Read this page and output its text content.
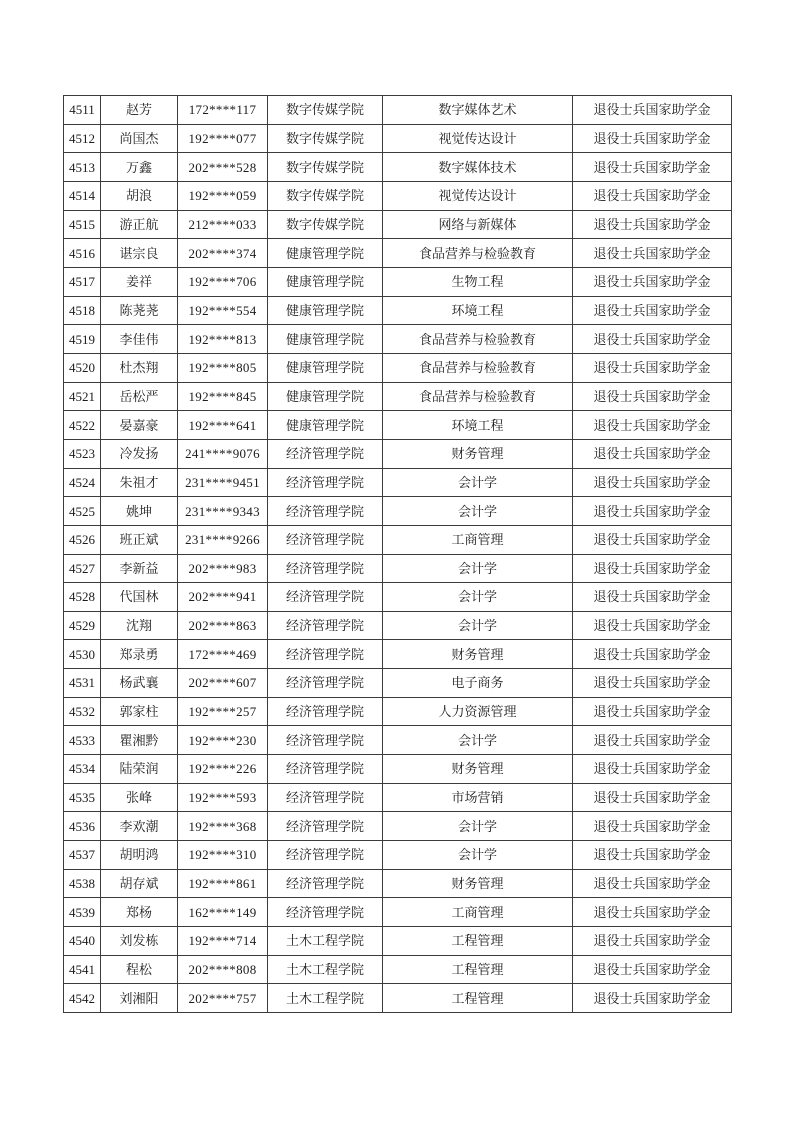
4511	赵芳	172****117	数字传媒学院	数字媒体艺术	退役士兵国家助学金
4512	尚国杰	192****077	数字传媒学院	视觉传达设计	退役士兵国家助学金
4513	万鑫	202****528	数字传媒学院	数字媒体技术	退役士兵国家助学金
4514	胡浪	192****059	数字传媒学院	视觉传达设计	退役士兵国家助学金
4515	游正航	212****033	数字传媒学院	网络与新媒体	退役士兵国家助学金
4516	谌宗良	202****374	健康管理学院	食品营养与检验教育	退役士兵国家助学金
4517	姜祥	192****706	健康管理学院	生物工程	退役士兵国家助学金
4518	陈荛荛	192****554	健康管理学院	环境工程	退役士兵国家助学金
4519	李佳伟	192****813	健康管理学院	食品营养与检验教育	退役士兵国家助学金
4520	杜杰翔	192****805	健康管理学院	食品营养与检验教育	退役士兵国家助学金
4521	岳松严	192****845	健康管理学院	食品营养与检验教育	退役士兵国家助学金
4522	晏嘉豪	192****641	健康管理学院	环境工程	退役士兵国家助学金
4523	冷发扬	241****9076	经济管理学院	财务管理	退役士兵国家助学金
4524	朱祖才	231****9451	经济管理学院	会计学	退役士兵国家助学金
4525	姚坤	231****9343	经济管理学院	会计学	退役士兵国家助学金
4526	班正斌	231****9266	经济管理学院	工商管理	退役士兵国家助学金
4527	李新益	202****983	经济管理学院	会计学	退役士兵国家助学金
4528	代国林	202****941	经济管理学院	会计学	退役士兵国家助学金
4529	沈翔	202****863	经济管理学院	会计学	退役士兵国家助学金
4530	郑录勇	172****469	经济管理学院	财务管理	退役士兵国家助学金
4531	杨武襄	202****607	经济管理学院	电子商务	退役士兵国家助学金
4532	郭家柱	192****257	经济管理学院	人力资源管理	退役士兵国家助学金
4533	瞿湘黔	192****230	经济管理学院	会计学	退役士兵国家助学金
4534	陆荣润	192****226	经济管理学院	财务管理	退役士兵国家助学金
4535	张峰	192****593	经济管理学院	市场营销	退役士兵国家助学金
4536	李欢潮	192****368	经济管理学院	会计学	退役士兵国家助学金
4537	胡明鸿	192****310	经济管理学院	会计学	退役士兵国家助学金
4538	胡存斌	192****861	经济管理学院	财务管理	退役士兵国家助学金
4539	郑杨	162****149	经济管理学院	工商管理	退役士兵国家助学金
4540	刘发栋	192****714	土木工程学院	工程管理	退役士兵国家助学金
4541	程松	202****808	土木工程学院	工程管理	退役士兵国家助学金
4542	刘湘阳	202****757	土木工程学院	工程管理	退役士兵国家助学金
